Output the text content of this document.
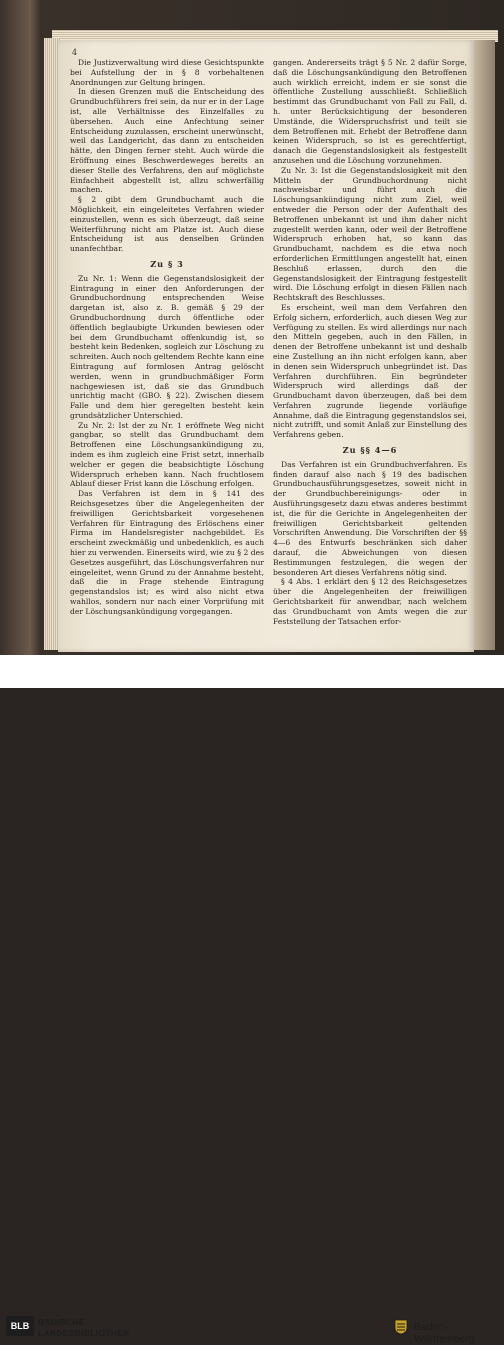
4

Die Justizverwaltung wird diese Gesichtspunkte bei Aufstellung der in § 8 vorbehaltenen Anordnungen zur Geltung bringen.

In diesen Grenzen muß die Entscheidung des Grundbuchführers frei sein, da nur er in der Lage ist, alle Verhältnisse des Einzelfalles zu übersehen. Auch eine Anfechtung seiner Entscheidung zuzulassen, erscheint unerwünscht, weil das Landgericht, das dann zu entscheiden hätte, den Dingen ferner steht. Auch würde die Eröffnung eines Beschwerdeweges bereits an dieser Stelle des Verfahrens, den auf möglichste Einfachheit abgestellt ist, allzu schwerfällig machen.

§ 2 gibt dem Grundbuchamt auch die Möglichkeit, ein eingeleitetes Verfahren wieder einzustellen, wenn es sich überzeugt, daß seine Weiterführung nicht am Platze ist. Auch diese Entscheidung ist aus denselben Gründen unanfechtbar.

Zu § 3

Zu Nr. 1: Wenn die Gegenstandslosigkeit der Eintragung in einer den Anforderungen der Grundbuchordnung entsprechenden Weise dargetan ist, also z. B. gemäß § 29 der Grundbuchordnung durch öffentliche oder öffentlich beglaubigte Urkunden bewiesen oder bei dem Grundbuchamt offenkundig ist, so besteht kein Bedenken, sogleich zur Löschung zu schreiten. Auch noch geltendem Rechte kann eine Eintragung auf formlosen Antrag gelöscht werden, wenn in grundbuchmäßiger Form nachgewiesen ist, daß sie das Grundbuch unrichtig macht (GBO. § 22). Zwischen diesem Falle und dem hier geregelten besteht kein grundsätzlicher Unterschied.

Zu Nr. 2: Ist der zu Nr. 1 eröffnete Weg nicht gangbar, so stellt das Grundbuchamt dem Betroffenen eine Löschungsankündigung zu, indem es ihm zugleich eine Frist setzt, innerhalb welcher er gegen die beabsichtigte Löschung Widerspruch erheben kann. Nach fruchtlosem Ablauf dieser Frist kann die Löschung erfolgen.

Das Verfahren ist dem in § 141 des Reichsgesetzes über die Angelegenheiten der freiwilligen Gerichtsbarkeit vorgesehenen Verfahren für Eintragung des Erlöschens einer Firma im Handelsregister nachgebildet. Es erscheint zweckmäßig und unbedenklich, es auch hier zu verwenden. Einerseits wird, wie zu § 2 des Gesetzes ausgeführt, das Löschungsverfahren nur eingeleitet, wenn Grund zu der Annahme besteht, daß die in Frage stehende Eintragung gegenstandslos ist; es wird also nicht etwa wahllos, sondern nur nach einer Vorprüfung mit der Löschungsankündigung vorgegangen.

gangen. Andererseits trägt § 5 Nr. 2 dafür Sorge, daß die Löschungsankündigung den Betroffenen auch wirklich erreicht, indem er sie sonst die öffentliche Zustellung ausschließt. Schließlich bestimmt das Grundbuchamt von Fall zu Fall, d. h. unter Berücksichtigung der besonderen Umstände, die Widerspruchsfrist und teilt sie dem Betroffenen mit. Erhebt der Betroffene dann keinen Widerspruch, so ist es gerechtfertigt, danach die Gegenstandslosigkeit als festgestellt anzusehen und die Löschung vorzunehmen.

Zu Nr. 3: Ist die Gegenstandslosigkeit mit den Mitteln der Grundbuchordnung nicht nachweisbar und führt auch die Löschungsankündigung nicht zum Ziel, weil entweder die Person oder der Aufenthalt des Betroffenen unbekannt ist und ihm daher nicht zugestellt werden kann, oder weil der Betroffene Widerspruch erhoben hat, so kann das Grundbuchamt, nachdem es die etwa noch erforderlichen Ermittlungen angestellt hat, einen Beschluß erlassen, durch den die Gegenstandslosigkeit der Eintragung festgestellt wird. Die Löschung erfolgt in diesen Fällen nach Rechtskraft des Beschlusses.

Es erscheint, weil man dem Verfahren den Erfolg sichern, erforderlich, auch diesen Weg zur Verfügung zu stellen. Es wird allerdings nur nach den Mitteln gegeben, auch in den Fällen, in denen der Betroffene unbekannt ist und deshalb eine Zustellung an ihn nicht erfolgen kann, aber in denen sein Widerspruch unbegründet ist. Das Verfahren durchführen. Ein begründeter Widerspruch wird allerdings daß der Grundbuchamt davon überzeugen, daß bei dem Verfahren zugrunde liegende vorläufige Annahme, daß die Eintragung gegenstandslos sei, nicht zutrifft, und somit Anlaß zur Einstellung des Verfahrens geben.

Zu §§ 4—6

Das Verfahren ist ein Grundbuchverfahren. Es finden darauf also nach § 19 des badischen Grundbuchausführungsgesetzes, soweit nicht in der Grundbuchbereinigungs- oder in Ausführungsgesetz dazu etwas anderes bestimmt ist, die für die Gerichte in Angelegenheiten der freiwilligen Gerichtsbarkeit geltenden Vorschriften Anwendung. Die Vorschriften der §§ 4—6 des Entwurfs beschränken sich daher darauf, die Abweichungen von diesen Bestimmungen festzulegen, die wegen der besonderen Art dieses Verfahrens nötig sind.

§ 4 Abs. 1 erklärt den § 12 des Reichsgesetzes über die Angelegenheiten der freiwilligen Gerichtsbarkeit für anwendbar, nach welchem das Grundbuchamt von Amts wegen die zur Feststellung der Tatsachen erfor-

BLB	BADISCHE
LANDESBIBLIOTHEK	Baden-Württemberg
